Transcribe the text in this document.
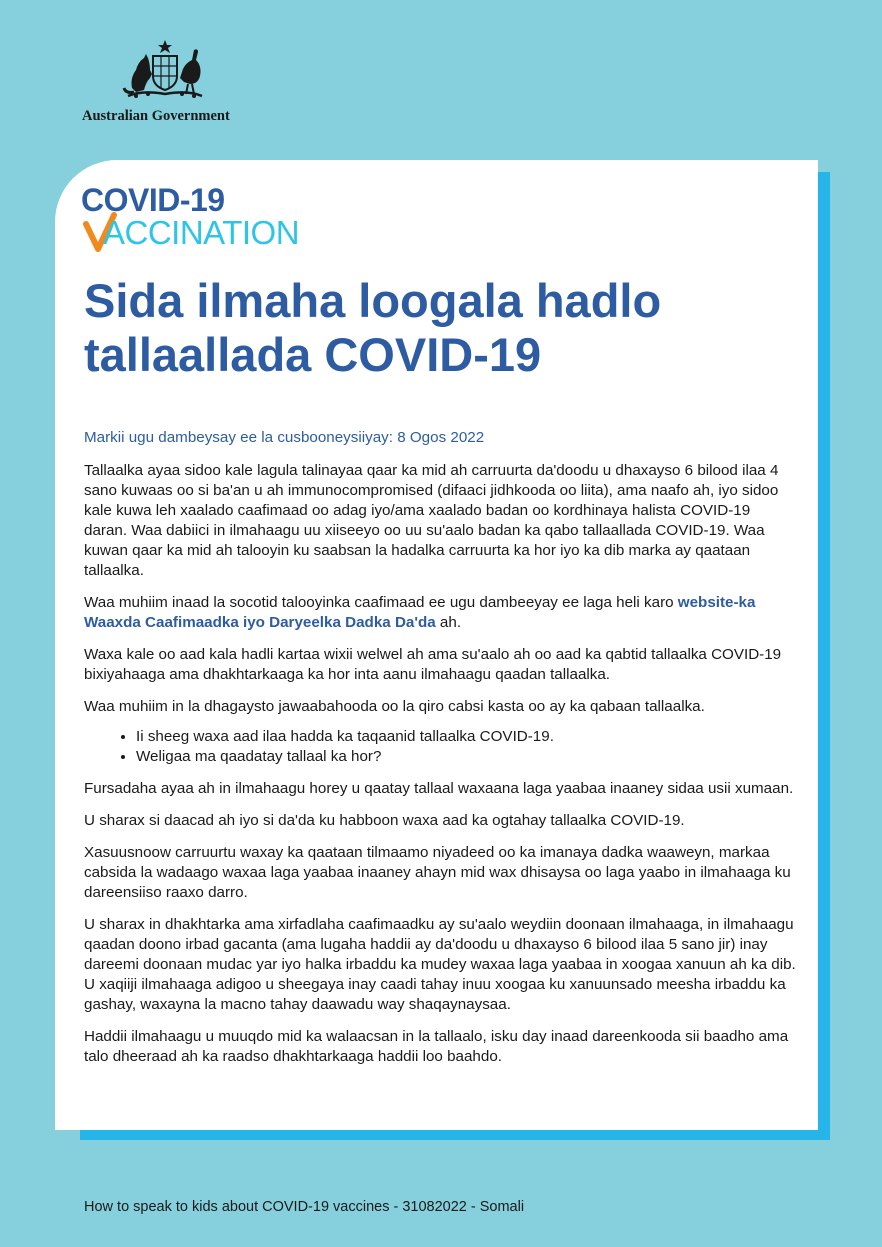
Australian Government
COVID-19
ACCINATION
Sida ilmaha loogala hadlo
tallaallada COVID-19

Markii ugu dambeysay ee la cusbooneysiiyay: 8 Ogos 2022

Tallaalka ayaa sidoo kale lagula talinayaa qaar ka mid ah carruurta da'doodu u dhaxayso 6 bilood ilaa 4 sano kuwaas oo si ba'an u ah immunocompromised (difaaci jidhkooda oo liita), ama naafo ah, iyo sidoo kale kuwa leh xaalado caafimaad oo adag iyo/ama xaalado badan oo kordhinaya halista COVID-19 daran. Waa dabiici in ilmahaagu uu xiiseeyo oo uu su'aalo badan ka qabo tallaallada COVID-19. Waa kuwan qaar ka mid ah talooyin ku saabsan la hadalka carruurta ka hor iyo ka dib marka ay qaataan tallaalka.

Waa muhiim inaad la socotid talooyinka caafimaad ee ugu dambeeyay ee laga heli karo website-ka Waaxda Caafimaadka iyo Daryeelka Dadka Da'da ah.

Waxa kale oo aad kala hadli kartaa wixii welwel ah ama su'aalo ah oo aad ka qabtid tallaalka COVID-19 bixiyahaaga ama dhakhtarkaaga ka hor inta aanu ilmahaagu qaadan tallaalka.

Waa muhiim in la dhagaysto jawaabahooda oo la qiro cabsi kasta oo ay ka qabaan tallaalka.

• Ii sheeg waxa aad ilaa hadda ka taqaanid tallaalka COVID-19.
• Weligaa ma qaadatay tallaal ka hor?

Fursadaha ayaa ah in ilmahaagu horey u qaatay tallaal waxaana laga yaabaa inaaney sidaa usii xumaan.

U sharax si daacad ah iyo si da'da ku habboon waxa aad ka ogtahay tallaalka COVID-19.

Xasuusnoow carruurtu waxay ka qaataan tilmaamo niyadeed oo ka imanaya dadka waaweyn, markaa cabsida la wadaago waxaa laga yaabaa inaaney ahayn mid wax dhisaysa oo laga yaabo in ilmahaaga ku dareensiiso raaxo darro.

U sharax in dhakhtarka ama xirfadlaha caafimaadku ay su'aalo weydiin doonaan ilmahaaga, in ilmahaagu qaadan doono irbad gacanta (ama lugaha haddii ay da'doodu u dhaxayso 6 bilood ilaa 5 sano jir) inay dareemi doonaan mudac yar iyo halka irbaddu ka mudey waxaa laga yaabaa in xoogaa xanuun ah ka dib. U xaqiiji ilmahaaga adigoo u sheegaya inay caadi tahay inuu xoogaa ku xanuunsado meesha irbaddu ka gashay, waxayna la macno tahay daawadu way shaqaynaysaa.

Haddii ilmahaagu u muuqdo mid ka walaacsan in la tallaalo, isku day inaad dareenkooda sii baadho ama talo dheeraad ah ka raadso dhakhtarkaaga haddii loo baahdo.

How to speak to kids about COVID-19 vaccines - 31082022 - Somali
